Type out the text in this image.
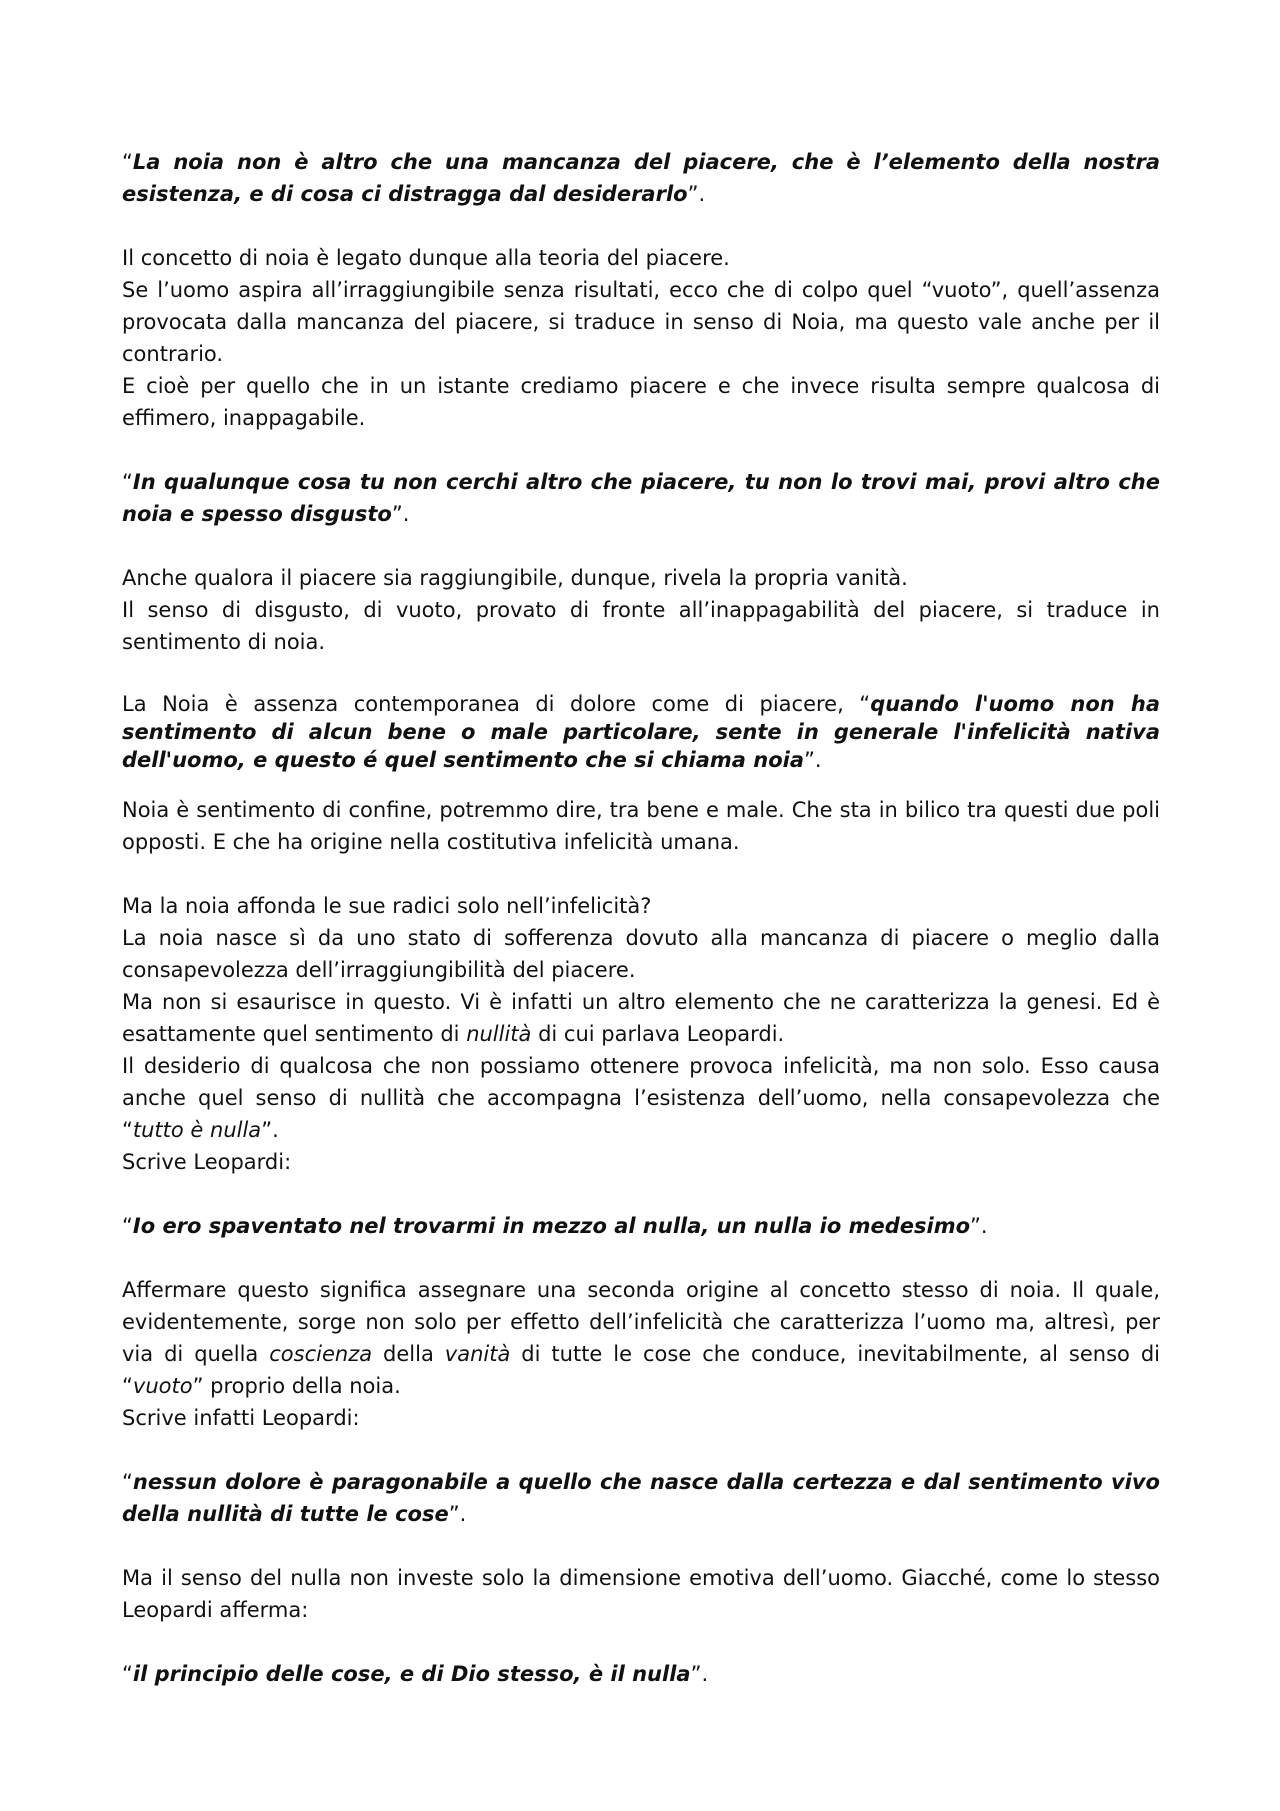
“La noia non è altro che una mancanza del piacere, che è l’elemento della nostra esistenza, e di cosa ci distragga dal desiderarlo”.

Il concetto di noia è legato dunque alla teoria del piacere.

Se l’uomo aspira all’irraggiungibile senza risultati, ecco che di colpo quel “vuoto”, quell’assenza provocata dalla mancanza del piacere, si traduce in senso di Noia, ma questo vale anche per il contrario.

E cioè per quello che in un istante crediamo piacere e che invece risulta sempre qualcosa di effimero, inappagabile.

“In qualunque cosa tu non cerchi altro che piacere, tu non lo trovi mai, provi altro che noia e spesso disgusto”.

Anche qualora il piacere sia raggiungibile, dunque, rivela la propria vanità.

Il senso di disgusto, di vuoto, provato di fronte all’inappagabilità del piacere, si traduce in sentimento di noia.

La Noia è assenza contemporanea di dolore come di piacere, “quando l'uomo non ha sentimento di alcun bene o male particolare, sente in generale l'infelicità nativa dell'uomo, e questo é quel sentimento che si chiama noia”.

Noia è sentimento di confine, potremmo dire, tra bene e male. Che sta in bilico tra questi due poli opposti. E che ha origine nella costitutiva infelicità umana.

Ma la noia affonda le sue radici solo nell’infelicità?

La noia nasce sì da uno stato di sofferenza dovuto alla mancanza di piacere o meglio dalla consapevolezza dell’irraggiungibilità del piacere.

Ma non si esaurisce in questo. Vi è infatti un altro elemento che ne caratterizza la genesi. Ed è esattamente quel sentimento di nullità di cui parlava Leopardi.

Il desiderio di qualcosa che non possiamo ottenere provoca infelicità, ma non solo. Esso causa anche quel senso di nullità che accompagna l’esistenza dell’uomo, nella consapevolezza che “tutto è nulla”.

Scrive Leopardi:

“Io ero spaventato nel trovarmi in mezzo al nulla, un nulla io medesimo”.

Affermare questo significa assegnare una seconda origine al concetto stesso di noia. Il quale, evidentemente, sorge non solo per effetto dell’infelicità che caratterizza l’uomo ma, altresì, per via di quella coscienza della vanità di tutte le cose che conduce, inevitabilmente, al senso di “vuoto” proprio della noia.

Scrive infatti Leopardi:

“nessun dolore è paragonabile a quello che nasce dalla certezza e dal sentimento vivo della nullità di tutte le cose”.

Ma il senso del nulla non investe solo la dimensione emotiva dell’uomo. Giacché, come lo stesso Leopardi afferma:

“il principio delle cose, e di Dio stesso, è il nulla”.
